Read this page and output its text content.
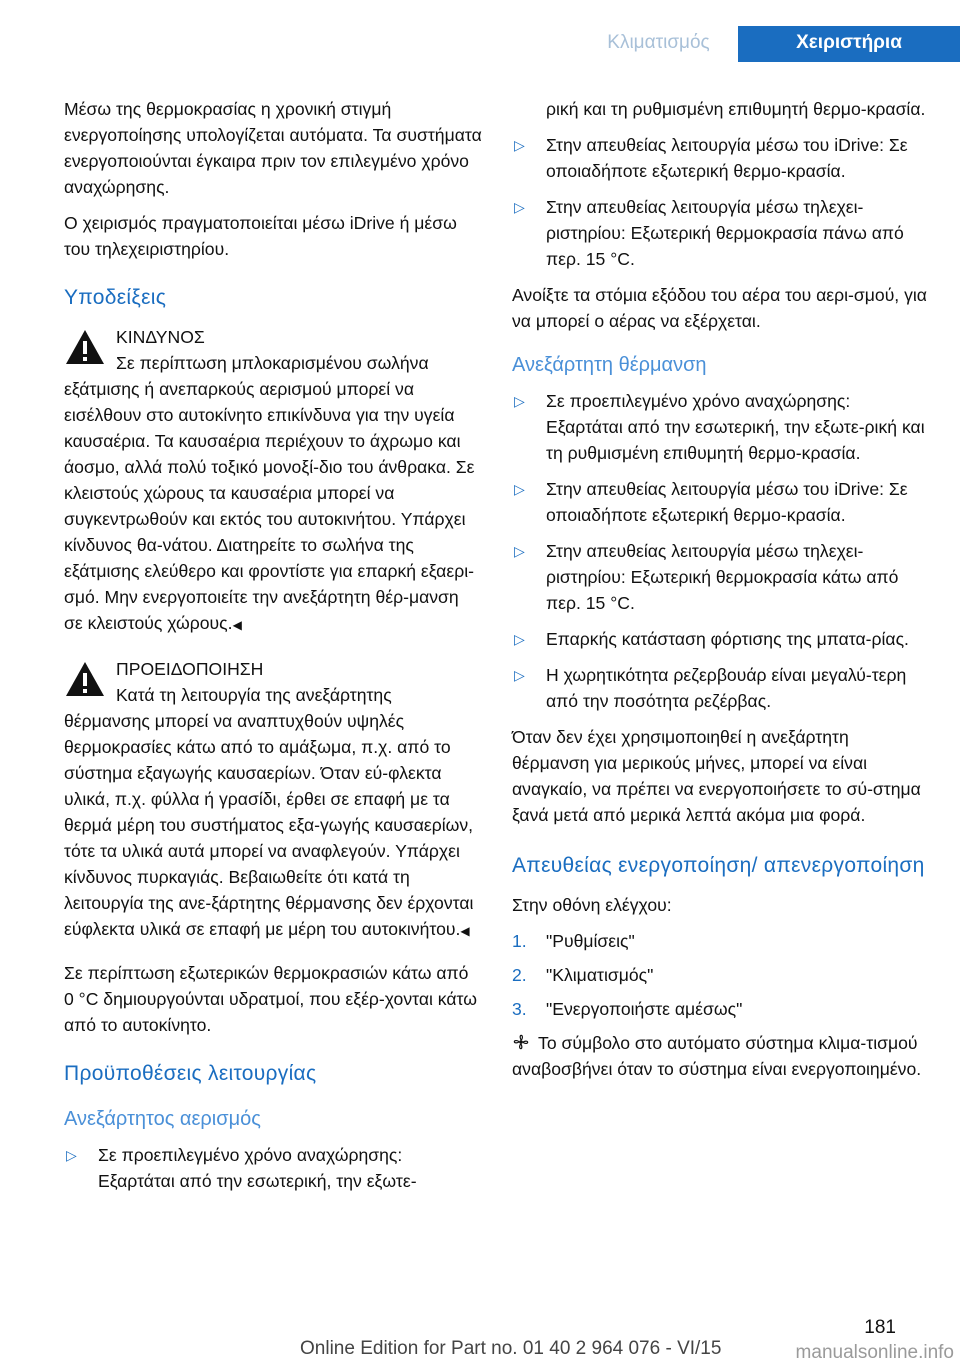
Κλιματισμός	Χειριστήρια

Μέσω της θερμοκρασίας η χρονική στιγμή ενεργοποίησης υπολογίζεται αυτόματα. Τα συστήματα ενεργοποιούνται έγκαιρα πριν τον επιλεγμένο χρόνο αναχώρησης.

Ο χειρισμός πραγματοποιείται μέσω iDrive ή μέσω του τηλεχειριστηρίου.

Υποδείξεις
ΚΙΝΔΥΝΟΣ
Σε περίπτωση μπλοκαρισμένου σωλήνα εξάτμισης ή ανεπαρκούς αερισμού μπορεί να εισέλθουν στο αυτοκίνητο επικίνδυνα για την υγεία καυσαέρια. Τα καυσαέρια περιέχουν το άχρωμο και άοσμο, αλλά πολύ τοξικό μονοξί-διο του άνθρακα. Σε κλειστούς χώρους τα καυσαέρια μπορεί να συγκεντρωθούν και εκτός του αυτοκινήτου. Υπάρχει κίνδυνος θα-νάτου. Διατηρείτε το σωλήνα της εξάτμισης ελεύθερο και φροντίστε για επαρκή εξαερι-σμό. Μην ενεργοποιείτε την ανεξάρτητη θέρ-μανση σε κλειστούς χώρους.◀
ΠΡΟΕΙΔΟΠΟΙΗΣΗ
Κατά τη λειτουργία της ανεξάρτητης θέρμανσης μπορεί να αναπτυχθούν υψηλές θερμοκρασίες κάτω από το αμάξωμα, π.χ. από το σύστημα εξαγωγής καυσαερίων. Όταν εύ-φλεκτα υλικά, π.χ. φύλλα ή γρασίδι, έρθει σε επαφή με τα θερμά μέρη του συστήματος εξα-γωγής καυσαερίων, τότε τα υλικά αυτά μπορεί να αναφλεγούν. Υπάρχει κίνδυνος πυρκαγιάς. Βεβαιωθείτε ότι κατά τη λειτουργία της ανε-ξάρτητης θέρμανσης δεν έρχονται εύφλεκτα υλικά σε επαφή με μέρη του αυτοκινήτου.◀

Σε περίπτωση εξωτερικών θερμοκρασιών κάτω από 0 °C δημιουργούνται υδρατμοί, που εξέρ-χονται κάτω από το αυτοκίνητο.

Προϋποθέσεις λειτουργίας
Ανεξάρτητος αερισμός
▷ Σε προεπιλεγμένο χρόνο αναχώρησης: Εξαρτάται από την εσωτερική, την εξωτε-

ρική και τη ρυθμισμένη επιθυμητή θερμο-κρασία.

▷ Στην απευθείας λειτουργία μέσω του iDrive: Σε οποιαδήποτε εξωτερική θερμο-κρασία.
▷ Στην απευθείας λειτουργία μέσω τηλεχει-ριστηρίου: Εξωτερική θερμοκρασία πάνω από περ. 15 °C.

Ανοίξτε τα στόμια εξόδου του αέρα του αερι-σμού, για να μπορεί ο αέρας να εξέρχεται.

Ανεξάρτητη θέρμανση
▷ Σε προεπιλεγμένο χρόνο αναχώρησης: Εξαρτάται από την εσωτερική, την εξωτε-ρική και τη ρυθμισμένη επιθυμητή θερμο-κρασία.
▷ Στην απευθείας λειτουργία μέσω του iDrive: Σε οποιαδήποτε εξωτερική θερμο-κρασία.
▷ Στην απευθείας λειτουργία μέσω τηλεχει-ριστηρίου: Εξωτερική θερμοκρασία κάτω από περ. 15 °C.
▷ Επαρκής κατάσταση φόρτισης της μπατα-ρίας.
▷ Η χωρητικότητα ρεζερβουάρ είναι μεγαλύ-τερη από την ποσότητα ρεζέρβας.

Όταν δεν έχει χρησιμοποιηθεί η ανεξάρτητη θέρμανση για μερικούς μήνες, μπορεί να είναι αναγκαίο, να πρέπει να ενεργοποιήσετε το σύ-στημα ξανά μετά από μερικά λεπτά ακόμα μια φορά.

Απευθείας ενεργοποίηση/ απενεργοποίηση

Στην οθόνη ελέγχου:

1. "Ρυθμίσεις"
2. "Κλιματισμός"
3. "Ενεργοποιήστε αμέσως"

Το σύμβολο στο αυτόματο σύστημα κλιμα-τισμού αναβοσβήνει όταν το σύστημα είναι ενεργοποιημένο.

181
Online Edition for Part no. 01 40 2 964 076 - VI/15	manualsonline.info
